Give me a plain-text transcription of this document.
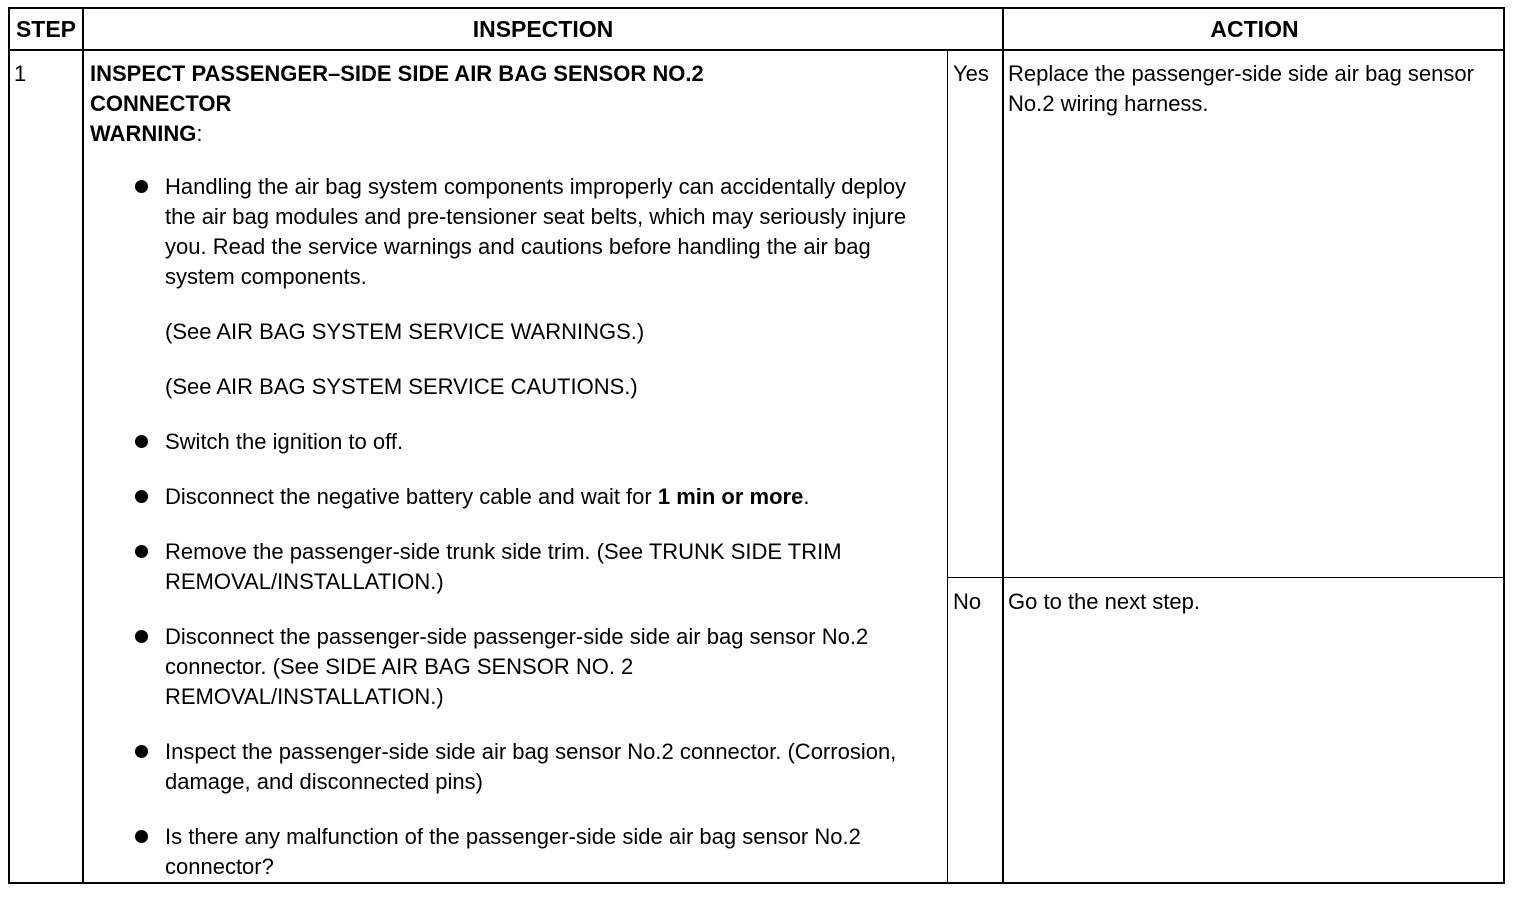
STEP	INSPECTION	ACTION
1	INSPECT PASSENGER–SIDE SIDE AIR BAG SENSOR NO.2
CONNECTOR
WARNING:
Handling the air bag system components improperly can accidentally deploy the air bag modules and pre-tensioner seat belts, which may seriously injure you. Read the service warnings and cautions before handling the air bag system components.
(See AIR BAG SYSTEM SERVICE WARNINGS.)
(See AIR BAG SYSTEM SERVICE CAUTIONS.)
Switch the ignition to off.
Disconnect the negative battery cable and wait for 1 min or more.
Remove the passenger-side trunk side trim. (See TRUNK SIDE TRIM REMOVAL/INSTALLATION.)
Disconnect the passenger-side passenger-side side air bag sensor No.2 connector. (See SIDE AIR BAG SENSOR NO. 2 REMOVAL/INSTALLATION.)
Inspect the passenger-side side air bag sensor No.2 connector. (Corrosion, damage, and disconnected pins)
Is there any malfunction of the passenger-side side air bag sensor No.2 connector?
Yes Replace the passenger-side side air bag sensor No.2 wiring harness.
No Go to the next step.
